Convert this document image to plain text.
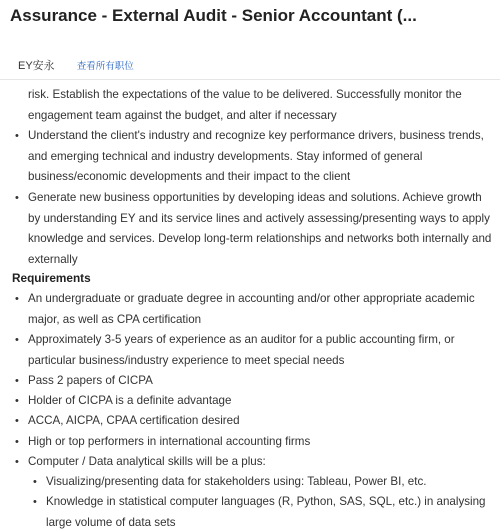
Assurance - External Audit - Senior Accountant (...
EY安永 查看所有职位
risk. Establish the expectations of the value to be delivered. Successfully monitor the engagement team against the budget, and alter if necessary
• Understand the client's industry and recognize key performance drivers, business trends, and emerging technical and industry developments. Stay informed of general business/economic developments and their impact to the client
• Generate new business opportunities by developing ideas and solutions. Achieve growth by understanding EY and its service lines and actively assessing/presenting ways to apply knowledge and services. Develop long-term relationships and networks both internally and externally
Requirements
• An undergraduate or graduate degree in accounting and/or other appropriate academic major, as well as CPA certification
• Approximately 3-5 years of experience as an auditor for a public accounting firm, or particular business/industry experience to meet special needs
• Pass 2 papers of CICPA
• Holder of CICPA is a definite advantage
• ACCA, AICPA, CPAA certification desired
• High or top performers in international accounting firms
• Computer / Data analytical skills will be a plus:
• Visualizing/presenting data for stakeholders using: Tableau, Power BI, etc.
• Knowledge in statistical computer languages (R, Python, SAS, SQL, etc.) in analysing large volume of data sets
